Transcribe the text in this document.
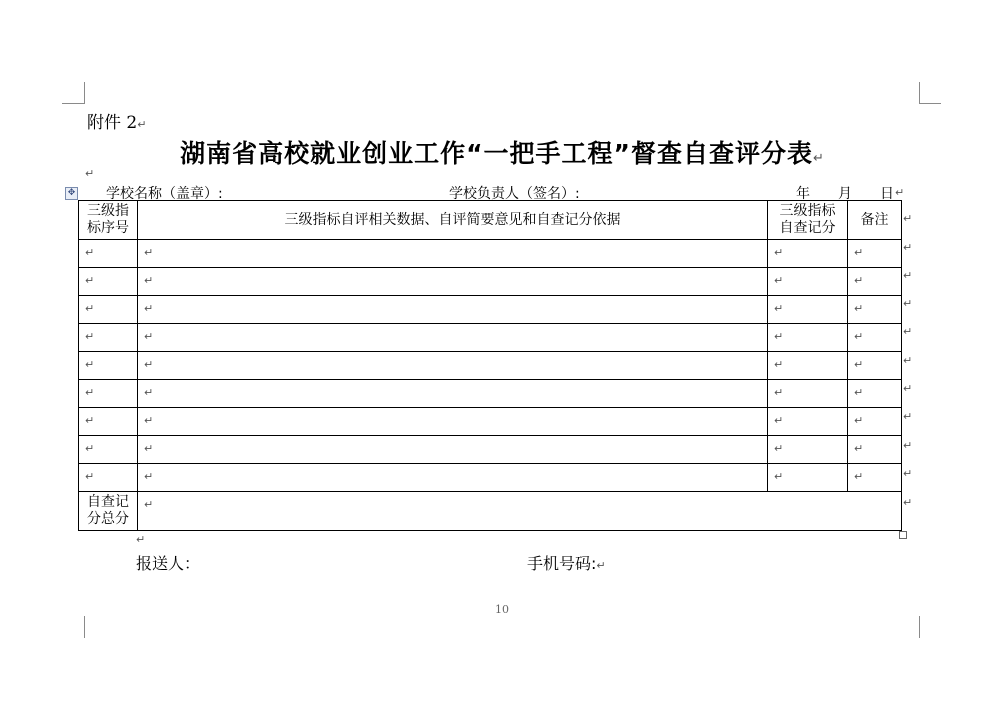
附件 2↵
湖南省高校就业创业工作“一把手工程”督查自查评分表↵
↵
✥ 学校名称（盖章）:	学校负责人（签名）:	年 月 日 ↵
三级指
标序号	三级指标自评相关数据、自评简要意见和自查记分依据	三级指标
自查记分	备注
↵	↵	↵	↵
↵	↵	↵	↵
↵	↵	↵	↵
↵	↵	↵	↵
↵	↵	↵	↵
↵	↵	↵	↵
↵	↵	↵	↵
↵	↵	↵	↵
↵	↵	↵	↵
自查记
分总分	↵		
↵
↵
↵
↵
↵
↵
↵
↵
↵
↵
↵
↵
报送人：	手机号码:↵
10
